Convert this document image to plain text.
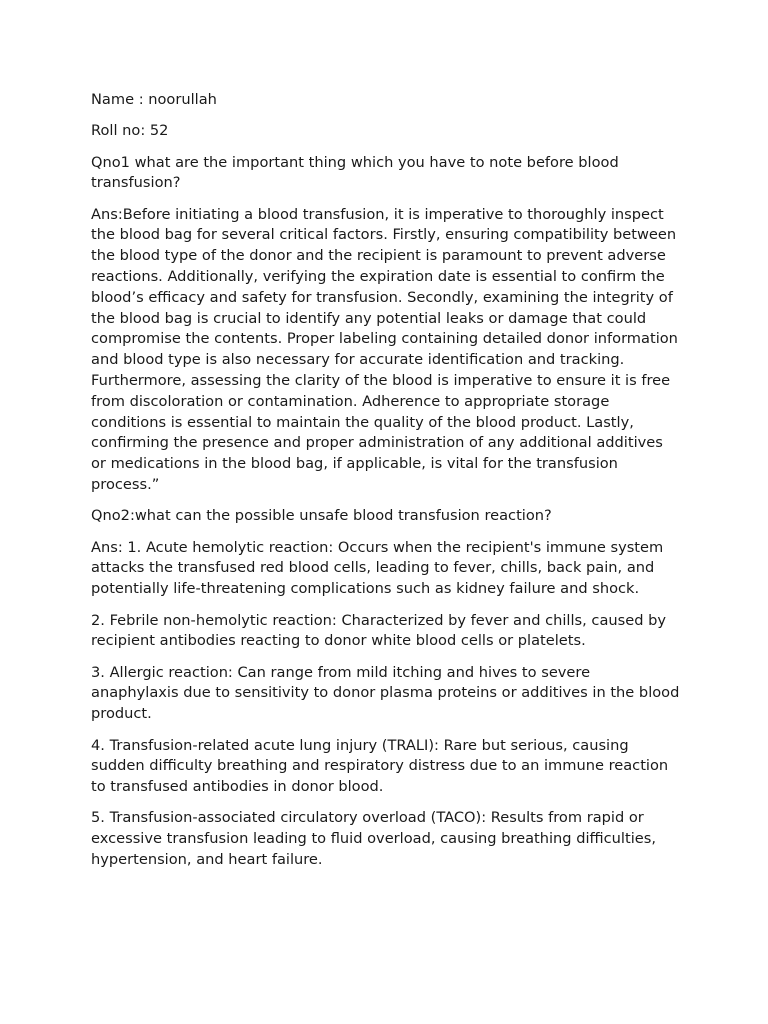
Name : noorullah

Roll no: 52

Qno1 what are the important thing which you have to note before blood transfusion?

Ans:Before initiating a blood transfusion, it is imperative to thoroughly inspect the blood bag for several critical factors. Firstly, ensuring compatibility between the blood type of the donor and the recipient is paramount to prevent adverse reactions. Additionally, verifying the expiration date is essential to confirm the blood’s efficacy and safety for transfusion. Secondly, examining the integrity of the blood bag is crucial to identify any potential leaks or damage that could compromise the contents. Proper labeling containing detailed donor information and blood type is also necessary for accurate identification and tracking. Furthermore, assessing the clarity of the blood is imperative to ensure it is free from discoloration or contamination. Adherence to appropriate storage conditions is essential to maintain the quality of the blood product. Lastly, confirming the presence and proper administration of any additional additives or medications in the blood bag, if applicable, is vital for the transfusion process.”

Qno2:what can the possible unsafe blood transfusion reaction?

Ans: 1. Acute hemolytic reaction: Occurs when the recipient's immune system attacks the transfused red blood cells, leading to fever, chills, back pain, and potentially life-threatening complications such as kidney failure and shock.

2. Febrile non-hemolytic reaction: Characterized by fever and chills, caused by recipient antibodies reacting to donor white blood cells or platelets.

3. Allergic reaction: Can range from mild itching and hives to severe anaphylaxis due to sensitivity to donor plasma proteins or additives in the blood product.

4. Transfusion-related acute lung injury (TRALI): Rare but serious, causing sudden difficulty breathing and respiratory distress due to an immune reaction to transfused antibodies in donor blood.

5. Transfusion-associated circulatory overload (TACO): Results from rapid or excessive transfusion leading to fluid overload, causing breathing difficulties, hypertension, and heart failure.
